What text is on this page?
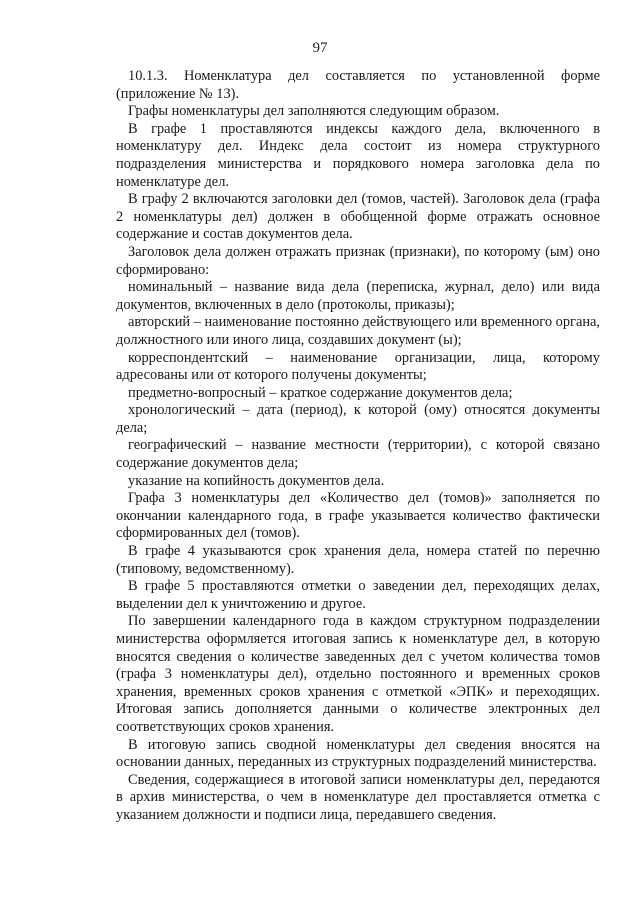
97

10.1.3. Номенклатура дел составляется по установленной форме (приложение № 13).

Графы номенклатуры дел заполняются следующим образом.

В графе 1 проставляются индексы каждого дела, включенного в номенклатуру дел. Индекс дела состоит из номера структурного подразделения министерства и порядкового номера заголовка дела по номенклатуре дел.

В графу 2 включаются заголовки дел (томов, частей). Заголовок дела (графа 2 номенклатуры дел) должен в обобщенной форме отражать основное содержание и состав документов дела.

Заголовок дела должен отражать признак (признаки), по которому (ым) оно сформировано:

номинальный – название вида дела (переписка, журнал, дело) или вида документов, включенных в дело (протоколы, приказы);

авторский – наименование постоянно действующего или временного органа, должностного или иного лица, создавших документ (ы);

корреспондентский – наименование организации, лица, которому адресованы или от которого получены документы;

предметно-вопросный – краткое содержание документов дела;

хронологический – дата (период), к которой (ому) относятся документы дела;

географический – название местности (территории), с которой связано содержание документов дела;

указание на копийность документов дела.

Графа 3 номенклатуры дел «Количество дел (томов)» заполняется по окончании календарного года, в графе указывается количество фактически сформированных дел (томов).

В графе 4 указываются срок хранения дела, номера статей по перечню (типовому, ведомственному).

В графе 5 проставляются отметки о заведении дел, переходящих делах, выделении дел к уничтожению и другое.

По завершении календарного года в каждом структурном подразделении министерства оформляется итоговая запись к номенклатуре дел, в которую вносятся сведения о количестве заведенных дел с учетом количества томов (графа 3 номенклатуры дел), отдельно постоянного и временных сроков хранения, временных сроков хранения с отметкой «ЭПК» и переходящих. Итоговая запись дополняется данными о количестве электронных дел соответствующих сроков хранения.

В итоговую запись сводной номенклатуры дел сведения вносятся на основании данных, переданных из структурных подразделений министерства.

Сведения, содержащиеся в итоговой записи номенклатуры дел, передаются в архив министерства, о чем в номенклатуре дел проставляется отметка с указанием должности и подписи лица, передавшего сведения.
